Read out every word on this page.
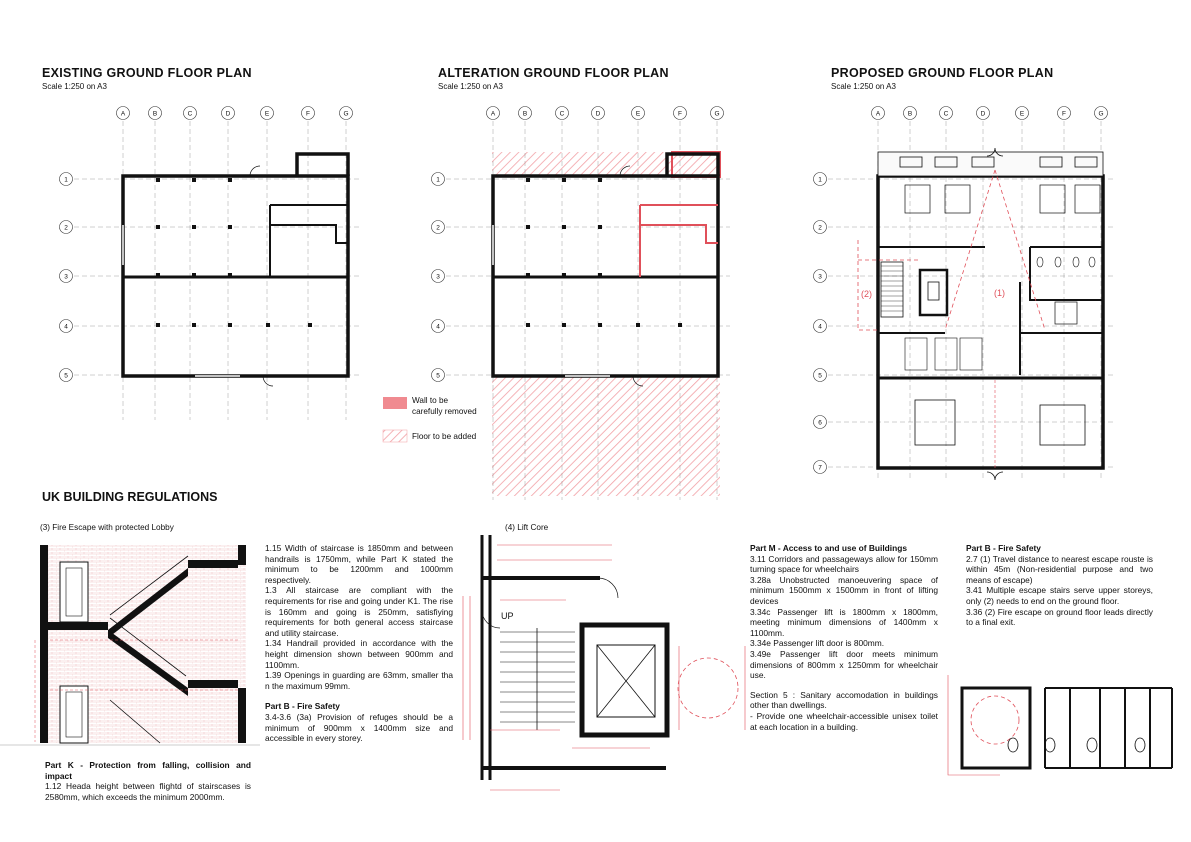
EXISTING GROUND FLOOR PLAN
Scale 1:250 on A3
ALTERATION GROUND FLOOR PLAN
Scale 1:250 on A3
PROPOSED GROUND FLOOR PLAN
Scale 1:250 on A3
A	B	C	D	E	F	G
1
2
3
4
5
A	B	C	D	E	F	G
1
2
3
4
5
A	B	C	D	E	F	G
1
2
3
4
5
6
7
(2)	(1)
Wall to be
carefully removed
Floor to be added
UK BUILDING REGULATIONS
(3) Fire Escape with protected Lobby	(4) Lift Core
UP

Part K - Protection from falling, collision and impact

1.12 Heada height between flightd of stairscases is 2580mm, which exceeds the minimum 2000mm.

1.15 Width of staircase is 1850mm and between handrails is 1750mm, while Part K stated the minimum to be 1200mm and 1000mm respectively.

1.3 All staircase are compliant with the requirements for rise and going under K1. The rise is 160mm and going is 250mm, satisfiying requirements for both general access staircase and utility staircase.

1.34 Handrail provided in accordance with the height dimension shown between 900mm and 1100mm.

1.39 Openings in guarding are 63mm, smaller tha n the maximum 99mm.

Part B - Fire Safety

3.4-3.6 (3a) Provision of refuges should be a minimum of 900mm x 1400mm size and accessible in every storey.

Part M - Access to and use of Buildings

3.11 Corridors and passageways allow for 150mm turning space for wheelchairs

3.28a Unobstructed manoeuvering space of minimum 1500mm x 1500mm in front of lifting devices

3.34c Passenger lift is 1800mm x 1800mm, meeting minimum dimensions of 1400mm x 1100mm.

3.34e Passenger lift door is 800mm.

3.49e Passenger lift door meets minimum dimensions of 800mm x 1250mm for wheelchair use.

Section 5 : Sanitary accomodation in buildings other than dwellings.

- Provide one wheelchair-accessible unisex toilet at each location in a building.

Part B - Fire Safety

2.7 (1) Travel distance to nearest escape rouste is within 45m (Non-residential purpose and two means of escape)

3.41 Multiple escape stairs serve upper storeys, only (2) needs to end on the ground floor.

3.36 (2) Fire escape on ground floor leads directly to a final exit.
